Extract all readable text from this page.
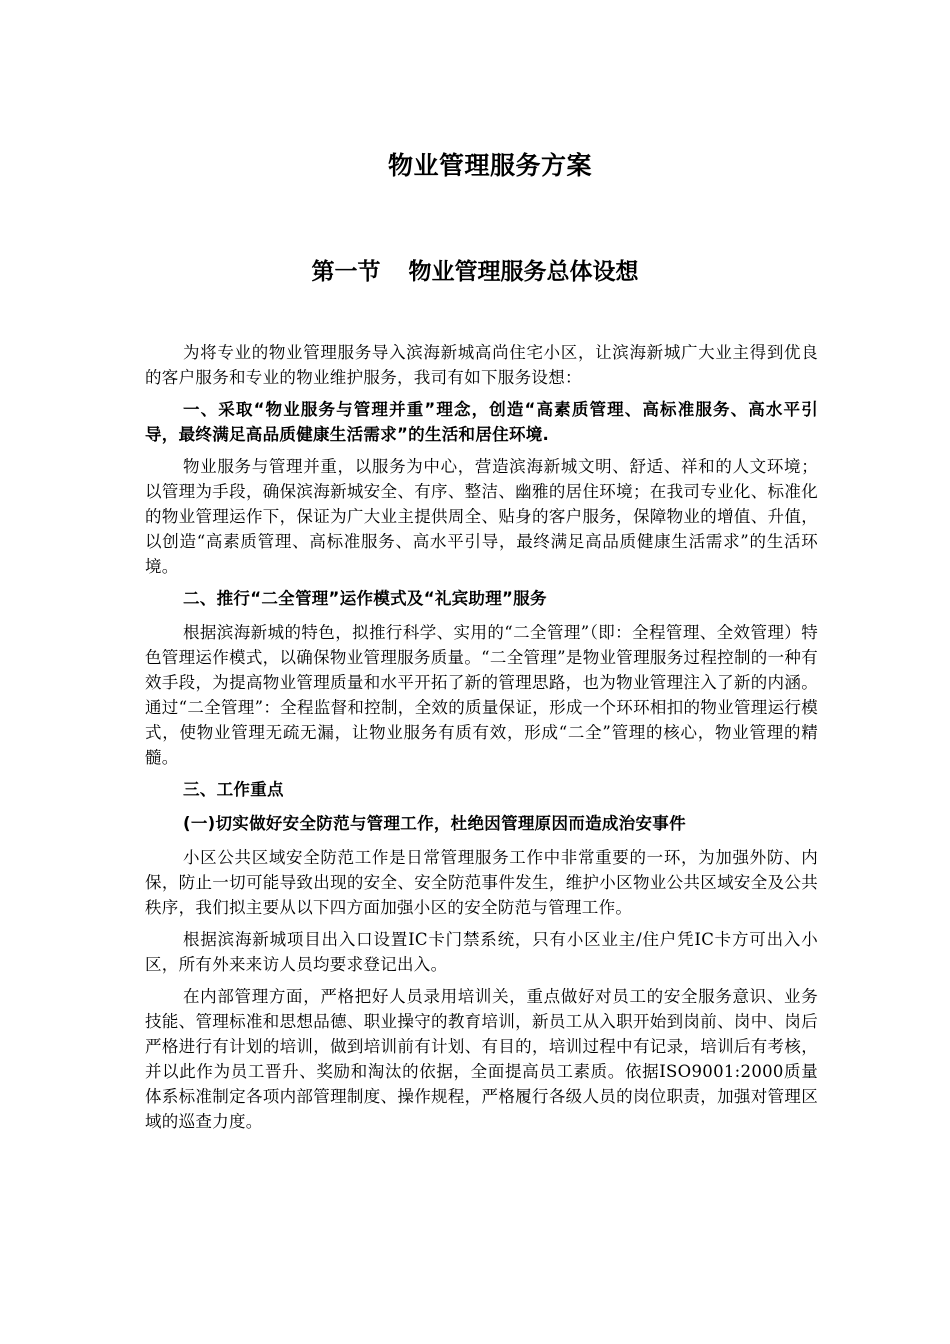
物业管理服务方案
第一节 物业管理服务总体设想

为将专业的物业管理服务导入滨海新城高尚住宅小区，让滨海新城广大业主得到优良的客户服务和专业的物业维护服务，我司有如下服务设想：

一、采取“物业服务与管理并重”理念，创造“高素质管理、高标准服务、高水平引导，最终满足高品质健康生活需求”的生活和居住环境.

物业服务与管理并重，以服务为中心，营造滨海新城文明、舒适、祥和的人文环境；以管理为手段，确保滨海新城安全、有序、整洁、幽雅的居住环境；在我司专业化、标准化的物业管理运作下，保证为广大业主提供周全、贴身的客户服务，保障物业的增值、升值，以创造“高素质管理、高标准服务、高水平引导，最终满足高品质健康生活需求”的生活环境。

二、推行“二全管理”运作模式及“礼宾助理”服务

根据滨海新城的特色，拟推行科学、实用的“二全管理”（即：全程管理、全效管理）特色管理运作模式，以确保物业管理服务质量。“二全管理”是物业管理服务过程控制的一种有效手段，为提高物业管理质量和水平开拓了新的管理思路，也为物业管理注入了新的内涵。通过“二全管理”：全程监督和控制，全效的质量保证，形成一个环环相扣的物业管理运行模式，使物业管理无疏无漏，让物业服务有质有效，形成“二全”管理的核心，物业管理的精髓。

三、工作重点

(一)切实做好安全防范与管理工作，杜绝因管理原因而造成治安事件

小区公共区域安全防范工作是日常管理服务工作中非常重要的一环，为加强外防、内保，防止一切可能导致出现的安全、安全防范事件发生，维护小区物业公共区域安全及公共秩序，我们拟主要从以下四方面加强小区的安全防范与管理工作。

根据滨海新城项目出入口设置IC卡门禁系统，只有小区业主/住户凭IC卡方可出入小区，所有外来来访人员均要求登记出入。

在内部管理方面，严格把好人员录用培训关，重点做好对员工的安全服务意识、业务技能、管理标准和思想品德、职业操守的教育培训，新员工从入职开始到岗前、岗中、岗后严格进行有计划的培训，做到培训前有计划、有目的，培训过程中有记录，培训后有考核，并以此作为员工晋升、奖励和淘汰的依据，全面提高员工素质。依据ISO9001:2000质量体系标准制定各项内部管理制度、操作规程，严格履行各级人员的岗位职责，加强对管理区域的巡查力度。
